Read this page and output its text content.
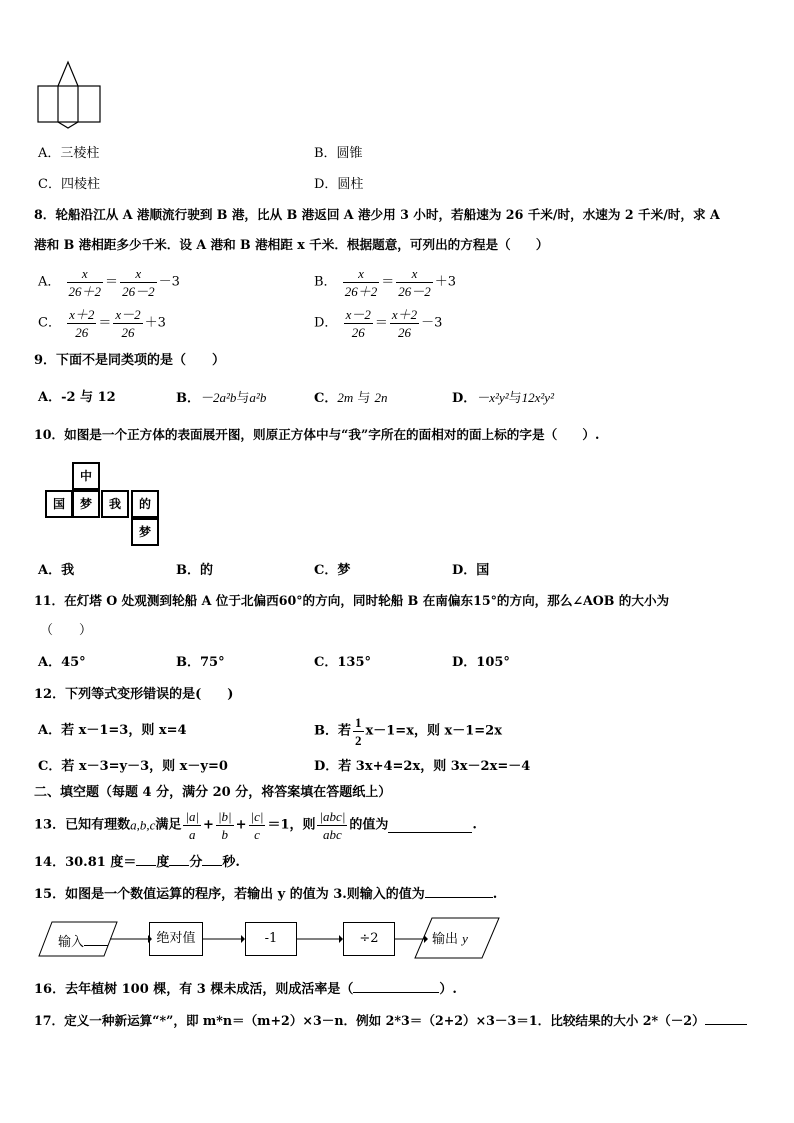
A．三棱柱	B．圆锥
C．四棱柱	D．圆柱
8．轮船沿江从 A 港顺流行驶到 B 港，比从 B 港返回 A 港少用 3 小时，若船速为 26 千米/时，水速为 2 千米/时，求 A
港和 B 港相距多少千米．设 A 港和 B 港相距 x 千米．根据题意，可列出的方程是（　　）
A． $\frac{x}{26+2} = \frac{x}{26-2} -3$	B． $\frac{x}{26+2} = \frac{x}{26-2} +3$
C． $\frac{x+2}{26} = \frac{x-2}{26} +3$	D． $\frac{x-2}{26} = \frac{x+2}{26} -3$
9．下面不是同类项的是（　　）
A．-2 与 12	B．－2a²b与a²b	C．2m 与 2n	D．－x²y²与12x²y²
10．如图是一个正方体的表面展开图，则原正方体中与“我”字所在的面相对的面上标的字是（　　）.
中
国	梦	我	的
梦
A．我	B．的	C．梦	D．国
11．在灯塔 O 处观测到轮船 A 位于北偏西60°的方向，同时轮船 B 在南偏东15°的方向，那么∠AOB 的大小为
（　　）
A．45°	B．75°	C．135°	D．105°
12．下列等式变形错误的是(　　)
A．若 x－1=3，则 x=4	B．若 $\frac{1}{2} x-1=x$，则 x－1=2x
C．若 x－3=y－3，则 x－y=0	D．若 3x+4=2x，则 3x－2x=－4
二、填空题（每题 4 分，满分 20 分，将答案填在答题纸上）
13．已知有理数a,b,c满足 $\frac{|a|}{a} + \frac{|b|}{b} + \frac{|c|}{c} =1$，则 $\frac{\text{|abc|}}{\text{abc}}$ 的值为	.
14．30.81 度＝ 度 分 秒.
15．如图是一个数值运算的程序，若输出 y 的值为 3.则输入的值为	.
输入	绝对值	-1	÷2	输出 y
16．去年植树 100 棵，有 3 棵未成活，则成活率是（	）.
17．定义一种新运算“*”，即 m*n＝（m+2）×3－n．例如 2*3＝（2+2）×3－3＝1．比较结果的大小 2*（－2）
